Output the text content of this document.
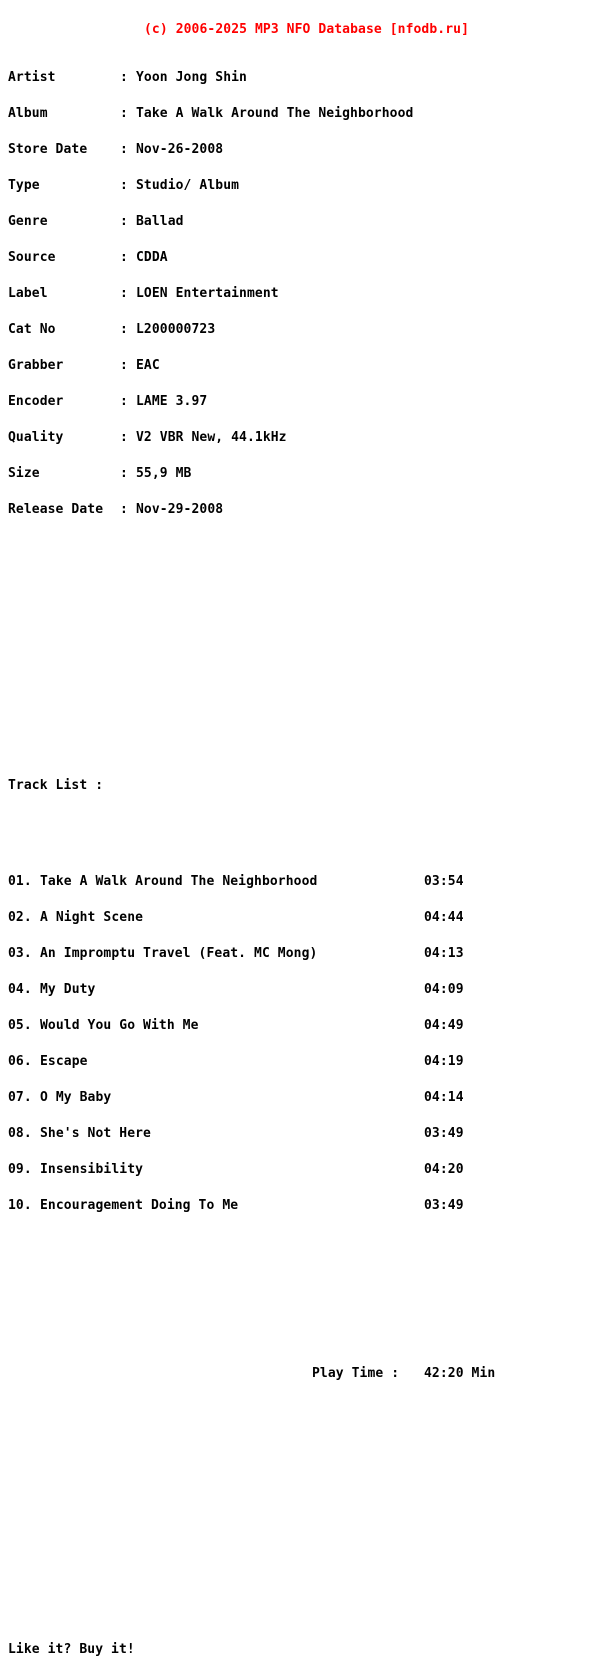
(c) 2006-2025 MP3 NFO Database [nfodb.ru]

Artist	: Yoon Jong Shin

Album	: Take A Walk Around The Neighborhood

Store Date	: Nov-26-2008

Type	: Studio/ Album

Genre	: Ballad

Source	: CDDA

Label	: LOEN Entertainment

Cat No	: L200000723

Grabber	: EAC

Encoder	: LAME 3.97

Quality	: V2 VBR New, 44.1kHz

Size	: 55,9 MB

Release Date : Nov-29-2008

Track List :

01. Take A Walk Around The Neighborhood	03:54

02. A Night Scene	04:44

03. An Impromptu Travel (Feat. MC Mong)	04:13

04. My Duty	04:09

05. Would You Go With Me	04:49

06. Escape	04:19

07. O My Baby	04:14

08. She's Not Here	03:49

09. Insensibility	04:20

10. Encouragement Doing To Me	03:49

Play Time : 42:20 Min

Like it? Buy it!
